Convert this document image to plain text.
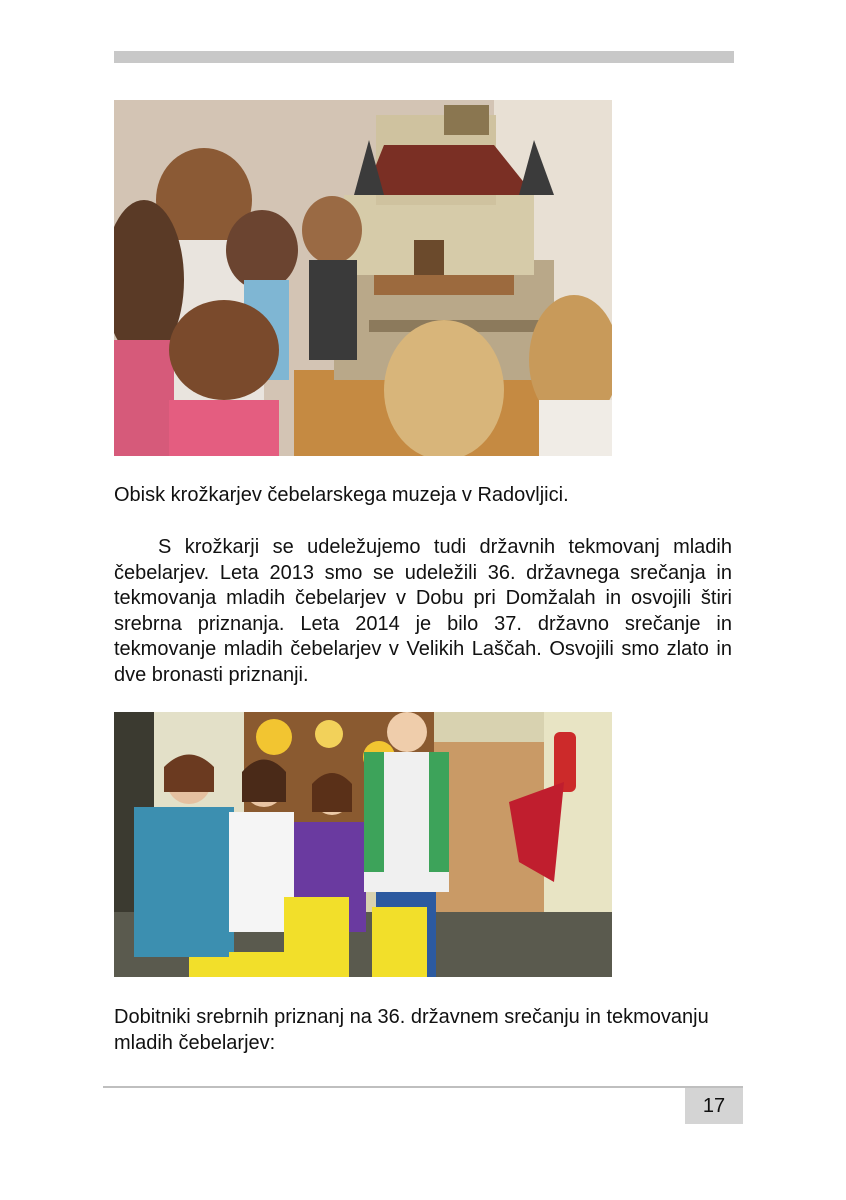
Obisk krožkarjev čebelarskega muzeja v Radovljici.

S krožkarji se udeležujemo tudi državnih tekmovanj mladih čebelarjev. Leta 2013 smo se udeležili 36. državnega srečanja in tekmovanja mladih čebelarjev v Dobu pri Domžalah in osvojili štiri srebrna priznanja. Leta 2014 je bilo 37. državno srečanje in tekmovanje mladih čebelarjev v Velikih Laščah. Osvojili smo zlato in dve bronasti priznanji.

Dobitniki srebrnih priznanj na 36. državnem srečanju in tekmovanju mladih čebelarjev:

17
